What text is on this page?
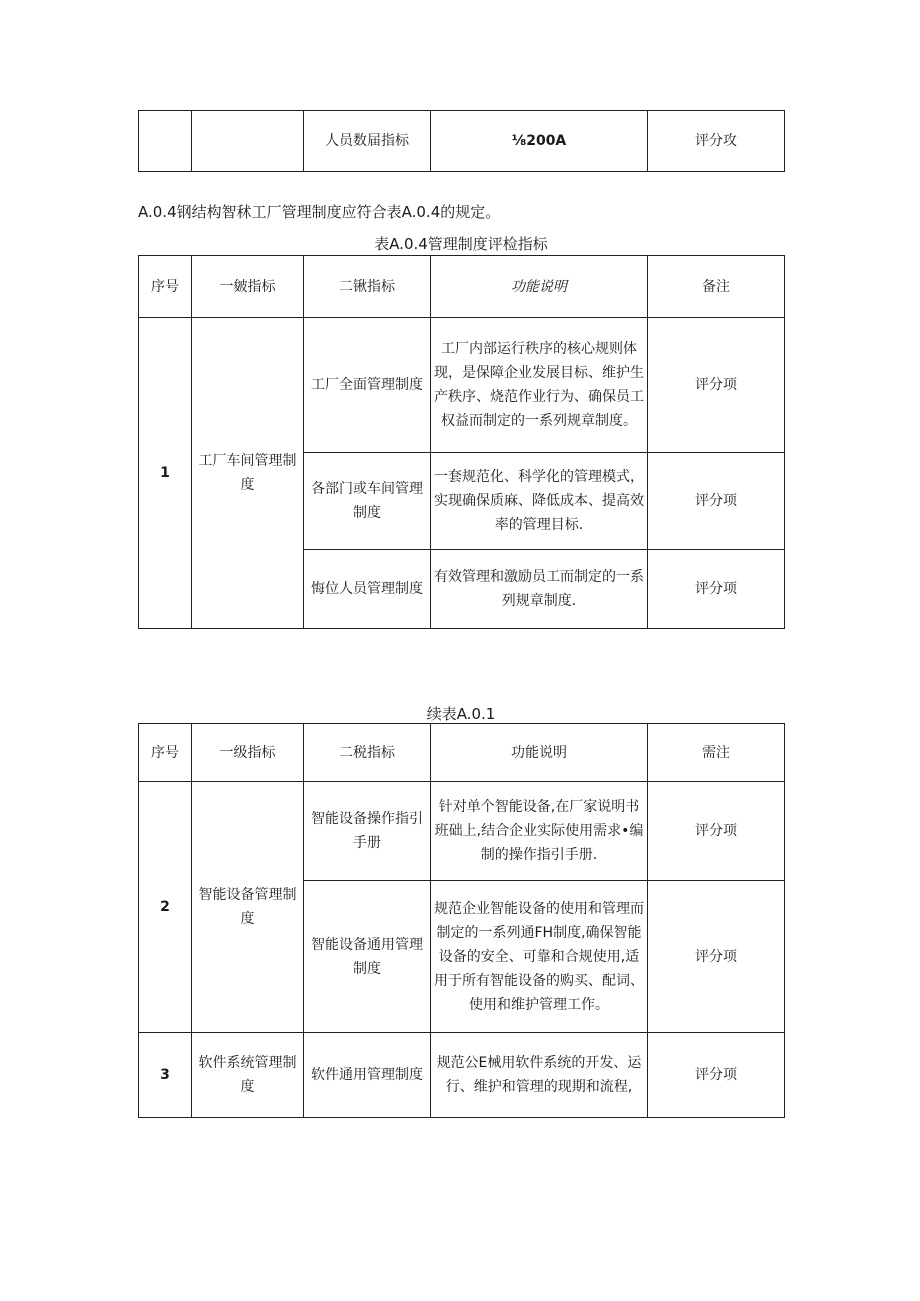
		人员数届指标	⅛200A	评分攻
A.0.4钢结构智秫工厂管理制度应符合表A.0.4的规定。
表A.0.4管理制度评检指标
序号	一皴指标	二锹指标	功能说明	备注
1	工厂车间管理制度	工厂全面管理制度	工厂内部运行秩序的核心规则体现，是保障企业发展目标、维护生产秩序、烧范作业行为、确保员工权益而制定的一系列规章制度。	评分项
		各部门或车间管理制度	一套规范化、科学化的管理模式，实现确保质麻、降低成本、提高效率的管理目标.	评分项
		悔位人员管理制度	有效管理和激励员工而制定的一系列规章制度.	评分项
续表A.0.1
序号	一级指标	二税指标	功能说明	需注
2	智能设备管理制度	智能设备操作指引手册	针对单个智能设备,在厂家说明书班础上,结合企业实际使用需求•编制的操作指引手册.	评分项
		智能设备通用管理制度	规范企业智能设备的使用和管理而制定的一系列通FH制度,确保智能设备的安全、可靠和合规使用,适用于所有智能设备的购买、配词、使用和维护管理工作。	评分项
3	软件系统管理制度	软件通用管理制度	规范公E械用软件系统的开发、运行、维护和管理的现期和流程,	评分项
